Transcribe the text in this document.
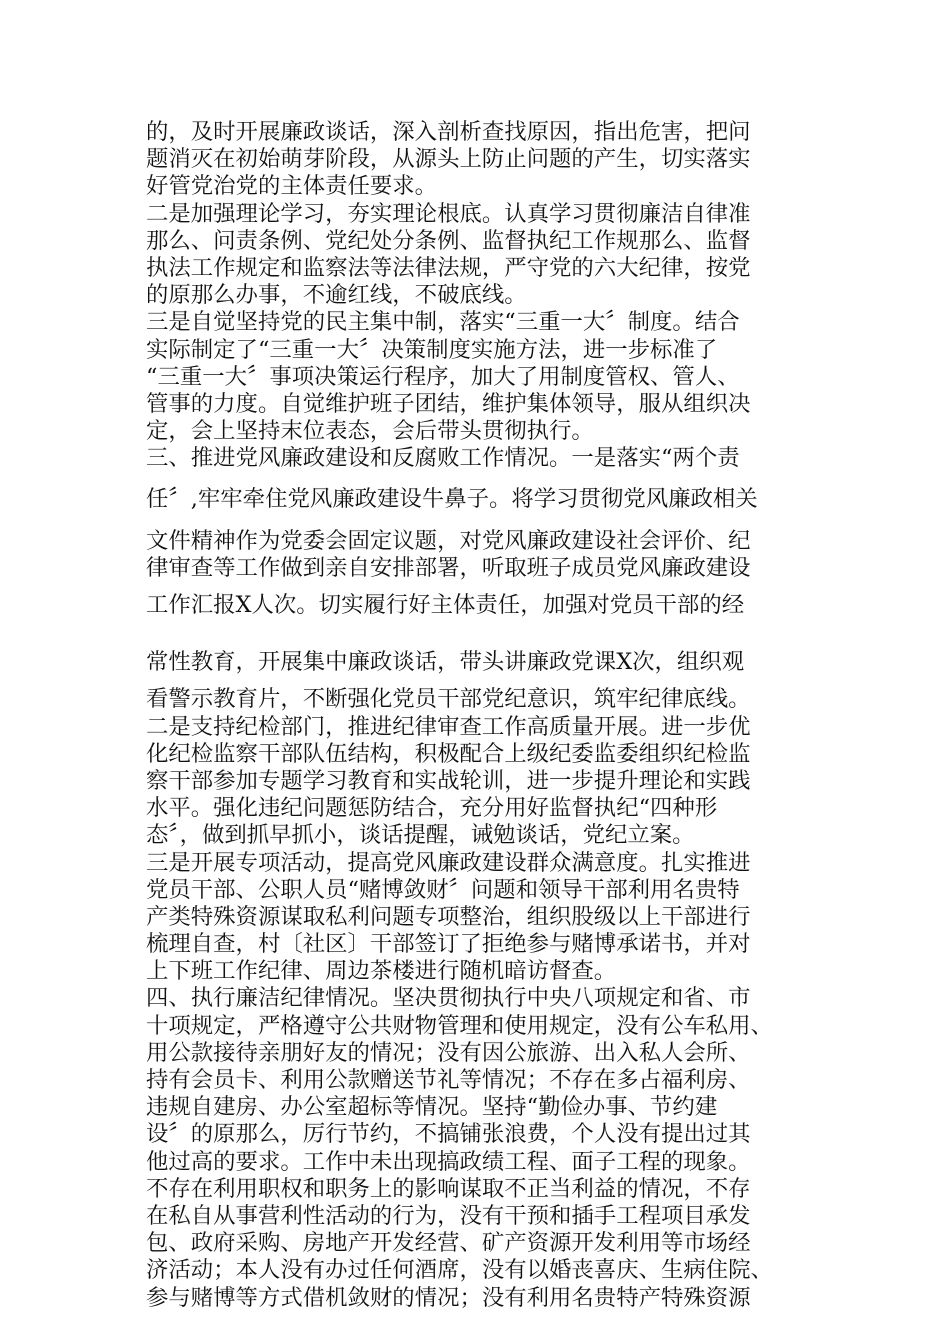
的，及时开展廉政谈话，深入剖析查找原因，指出危害，把问
题消灭在初始萌芽阶段，从源头上防止问题的产生，切实落实
好管党治党的主体责任要求。
二是加强理论学习，夯实理论根底。认真学习贯彻廉洁自律准
那么、问责条例、党纪处分条例、监督执纪工作规那么、监督
执法工作规定和监察法等法律法规，严守党的六大纪律，按党
的原那么办事，不逾红线，不破底线。
三是自觉坚持党的民主集中制，落实“三重一大〞制度。结合
实际制定了“三重一大〞决策制度实施方法，进一步标准了
“三重一大〞事项决策运行程序，加大了用制度管权、管人、
管事的力度。自觉维护班子团结，维护集体领导，服从组织决
定，会上坚持末位表态，会后带头贯彻执行。
三、推进党风廉政建设和反腐败工作情况。一是落实“两个责
任〞,牢牢牵住党风廉政建设牛鼻子。将学习贯彻党风廉政相关
文件精神作为党委会固定议题，对党风廉政建设社会评价、纪
律审查等工作做到亲自安排部署，听取班子成员党风廉政建设
工作汇报X人次。切实履行好主体责任，加强对党员干部的经
常性教育，开展集中廉政谈话，带头讲廉政党课X次，组织观
看警示教育片，不断强化党员干部党纪意识，筑牢纪律底线。
二是支持纪检部门，推进纪律审查工作高质量开展。进一步优
化纪检监察干部队伍结构，积极配合上级纪委监委组织纪检监
察干部参加专题学习教育和实战轮训，进一步提升理论和实践
水平。强化违纪问题惩防结合，充分用好监督执纪“四种形
态〞，做到抓早抓小，谈话提醒，诫勉谈话，党纪立案。
三是开展专项活动，提高党风廉政建设群众满意度。扎实推进
党员干部、公职人员“赌博敛财〞问题和领导干部利用名贵特
产类特殊资源谋取私利问题专项整治，组织股级以上干部进行
梳理自查，村〔社区〕干部签订了拒绝参与赌博承诺书，并对
上下班工作纪律、周边茶楼进行随机暗访督查。
四、执行廉洁纪律情况。坚决贯彻执行中央八项规定和省、市
十项规定，严格遵守公共财物管理和使用规定，没有公车私用、
用公款接待亲朋好友的情况；没有因公旅游、出入私人会所、
持有会员卡、利用公款赠送节礼等情况；不存在多占福利房、
违规自建房、办公室超标等情况。坚持“勤俭办事、节约建
设〞的原那么，厉行节约，不搞铺张浪费，个人没有提出过其
他过高的要求。工作中未出现搞政绩工程、面子工程的现象。
不存在利用职权和职务上的影响谋取不正当利益的情况，不存
在私自从事营利性活动的行为，没有干预和插手工程项目承发
包、政府采购、房地产开发经营、矿产资源开发利用等市场经
济活动；本人没有办过任何酒席，没有以婚丧喜庆、生病住院、
参与赌博等方式借机敛财的情况；没有利用名贵特产特殊资源
